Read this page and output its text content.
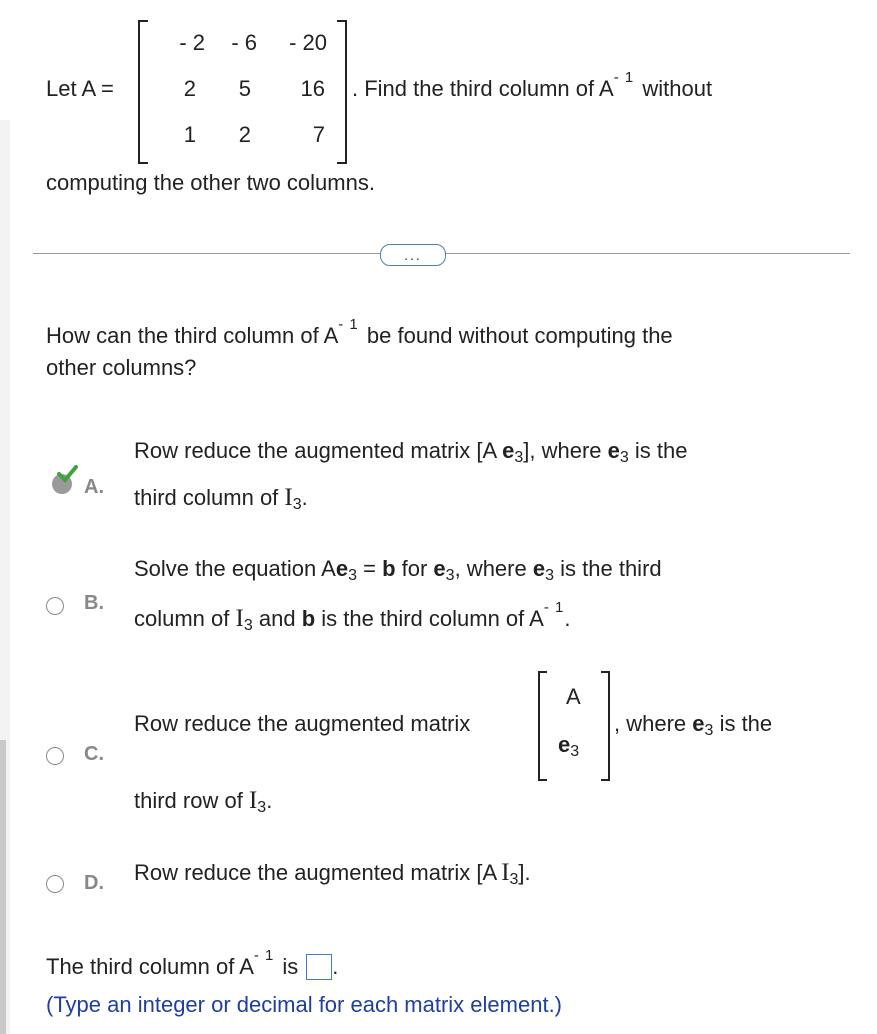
Let A =
- 2	- 6	- 20
2	5	16
1	2	7
. Find the third column of $A^{- 1}$ without
computing the other two columns.
...
How can the third column of $A^{- 1}$ be found without computing the
other columns?
A.
Row reduce the augmented matrix [A $e_3$], where $e_3$ is the
third column of $I_3$.
B.
Solve the equation $Ae_3 = b$ for $e_3$, where $e_3$ is the third
column of $I_3$ and b is the third column of $A^{- 1}$.
C.
Row reduce the augmented matrix
A
$e_3$
, where $e_3$ is the
third row of $I_3$.
D. Row reduce the augmented matrix [A $I_3$].
The third column of A - 1 is .
(Type an integer or decimal for each matrix element.)
